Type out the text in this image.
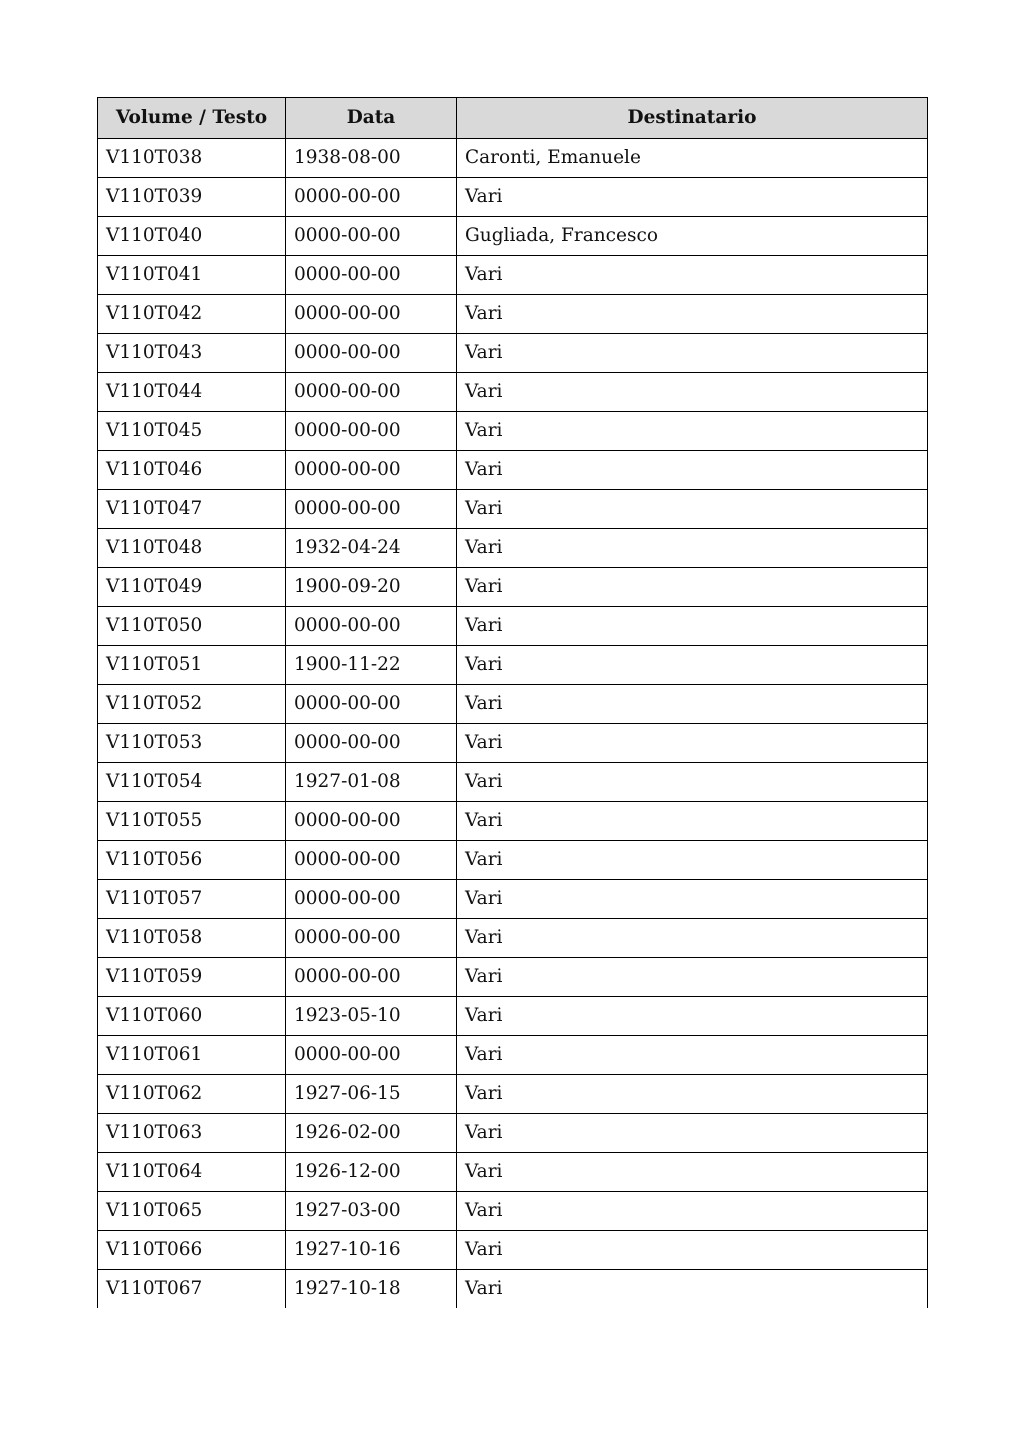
Volume / Testo	Data	Destinatario
V110T038	1938-08-00	Caronti, Emanuele
V110T039	0000-00-00	Vari
V110T040	0000-00-00	Gugliada, Francesco
V110T041	0000-00-00	Vari
V110T042	0000-00-00	Vari
V110T043	0000-00-00	Vari
V110T044	0000-00-00	Vari
V110T045	0000-00-00	Vari
V110T046	0000-00-00	Vari
V110T047	0000-00-00	Vari
V110T048	1932-04-24	Vari
V110T049	1900-09-20	Vari
V110T050	0000-00-00	Vari
V110T051	1900-11-22	Vari
V110T052	0000-00-00	Vari
V110T053	0000-00-00	Vari
V110T054	1927-01-08	Vari
V110T055	0000-00-00	Vari
V110T056	0000-00-00	Vari
V110T057	0000-00-00	Vari
V110T058	0000-00-00	Vari
V110T059	0000-00-00	Vari
V110T060	1923-05-10	Vari
V110T061	0000-00-00	Vari
V110T062	1927-06-15	Vari
V110T063	1926-02-00	Vari
V110T064	1926-12-00	Vari
V110T065	1927-03-00	Vari
V110T066	1927-10-16	Vari
V110T067	1927-10-18	Vari
